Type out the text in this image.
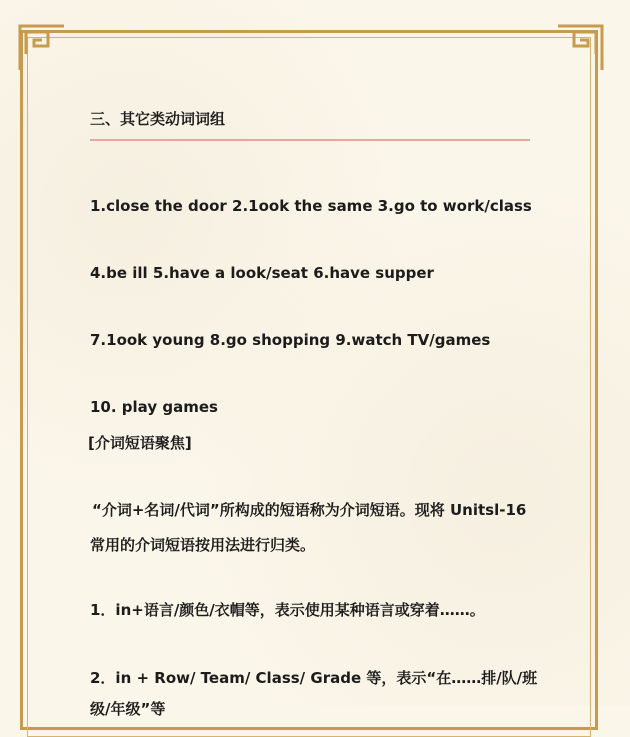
三、其它类动词词组
1.close the door 2.1ook the same 3.go to work/class
4.be ill 5.have a look/seat 6.have supper
7.1ook young 8.go shopping 9.watch TV/games
10. play games
[介词短语聚焦]
“介词+名词/代词”所构成的短语称为介词短语。现将 Unitsl-16
常用的介词短语按用法进行归类。
1．in+语言/颜色/衣帽等，表示使用某种语言或穿着……。
2．in + Row/ Team/ Class/ Grade 等，表示“在……排/队/班
级/年级”等
